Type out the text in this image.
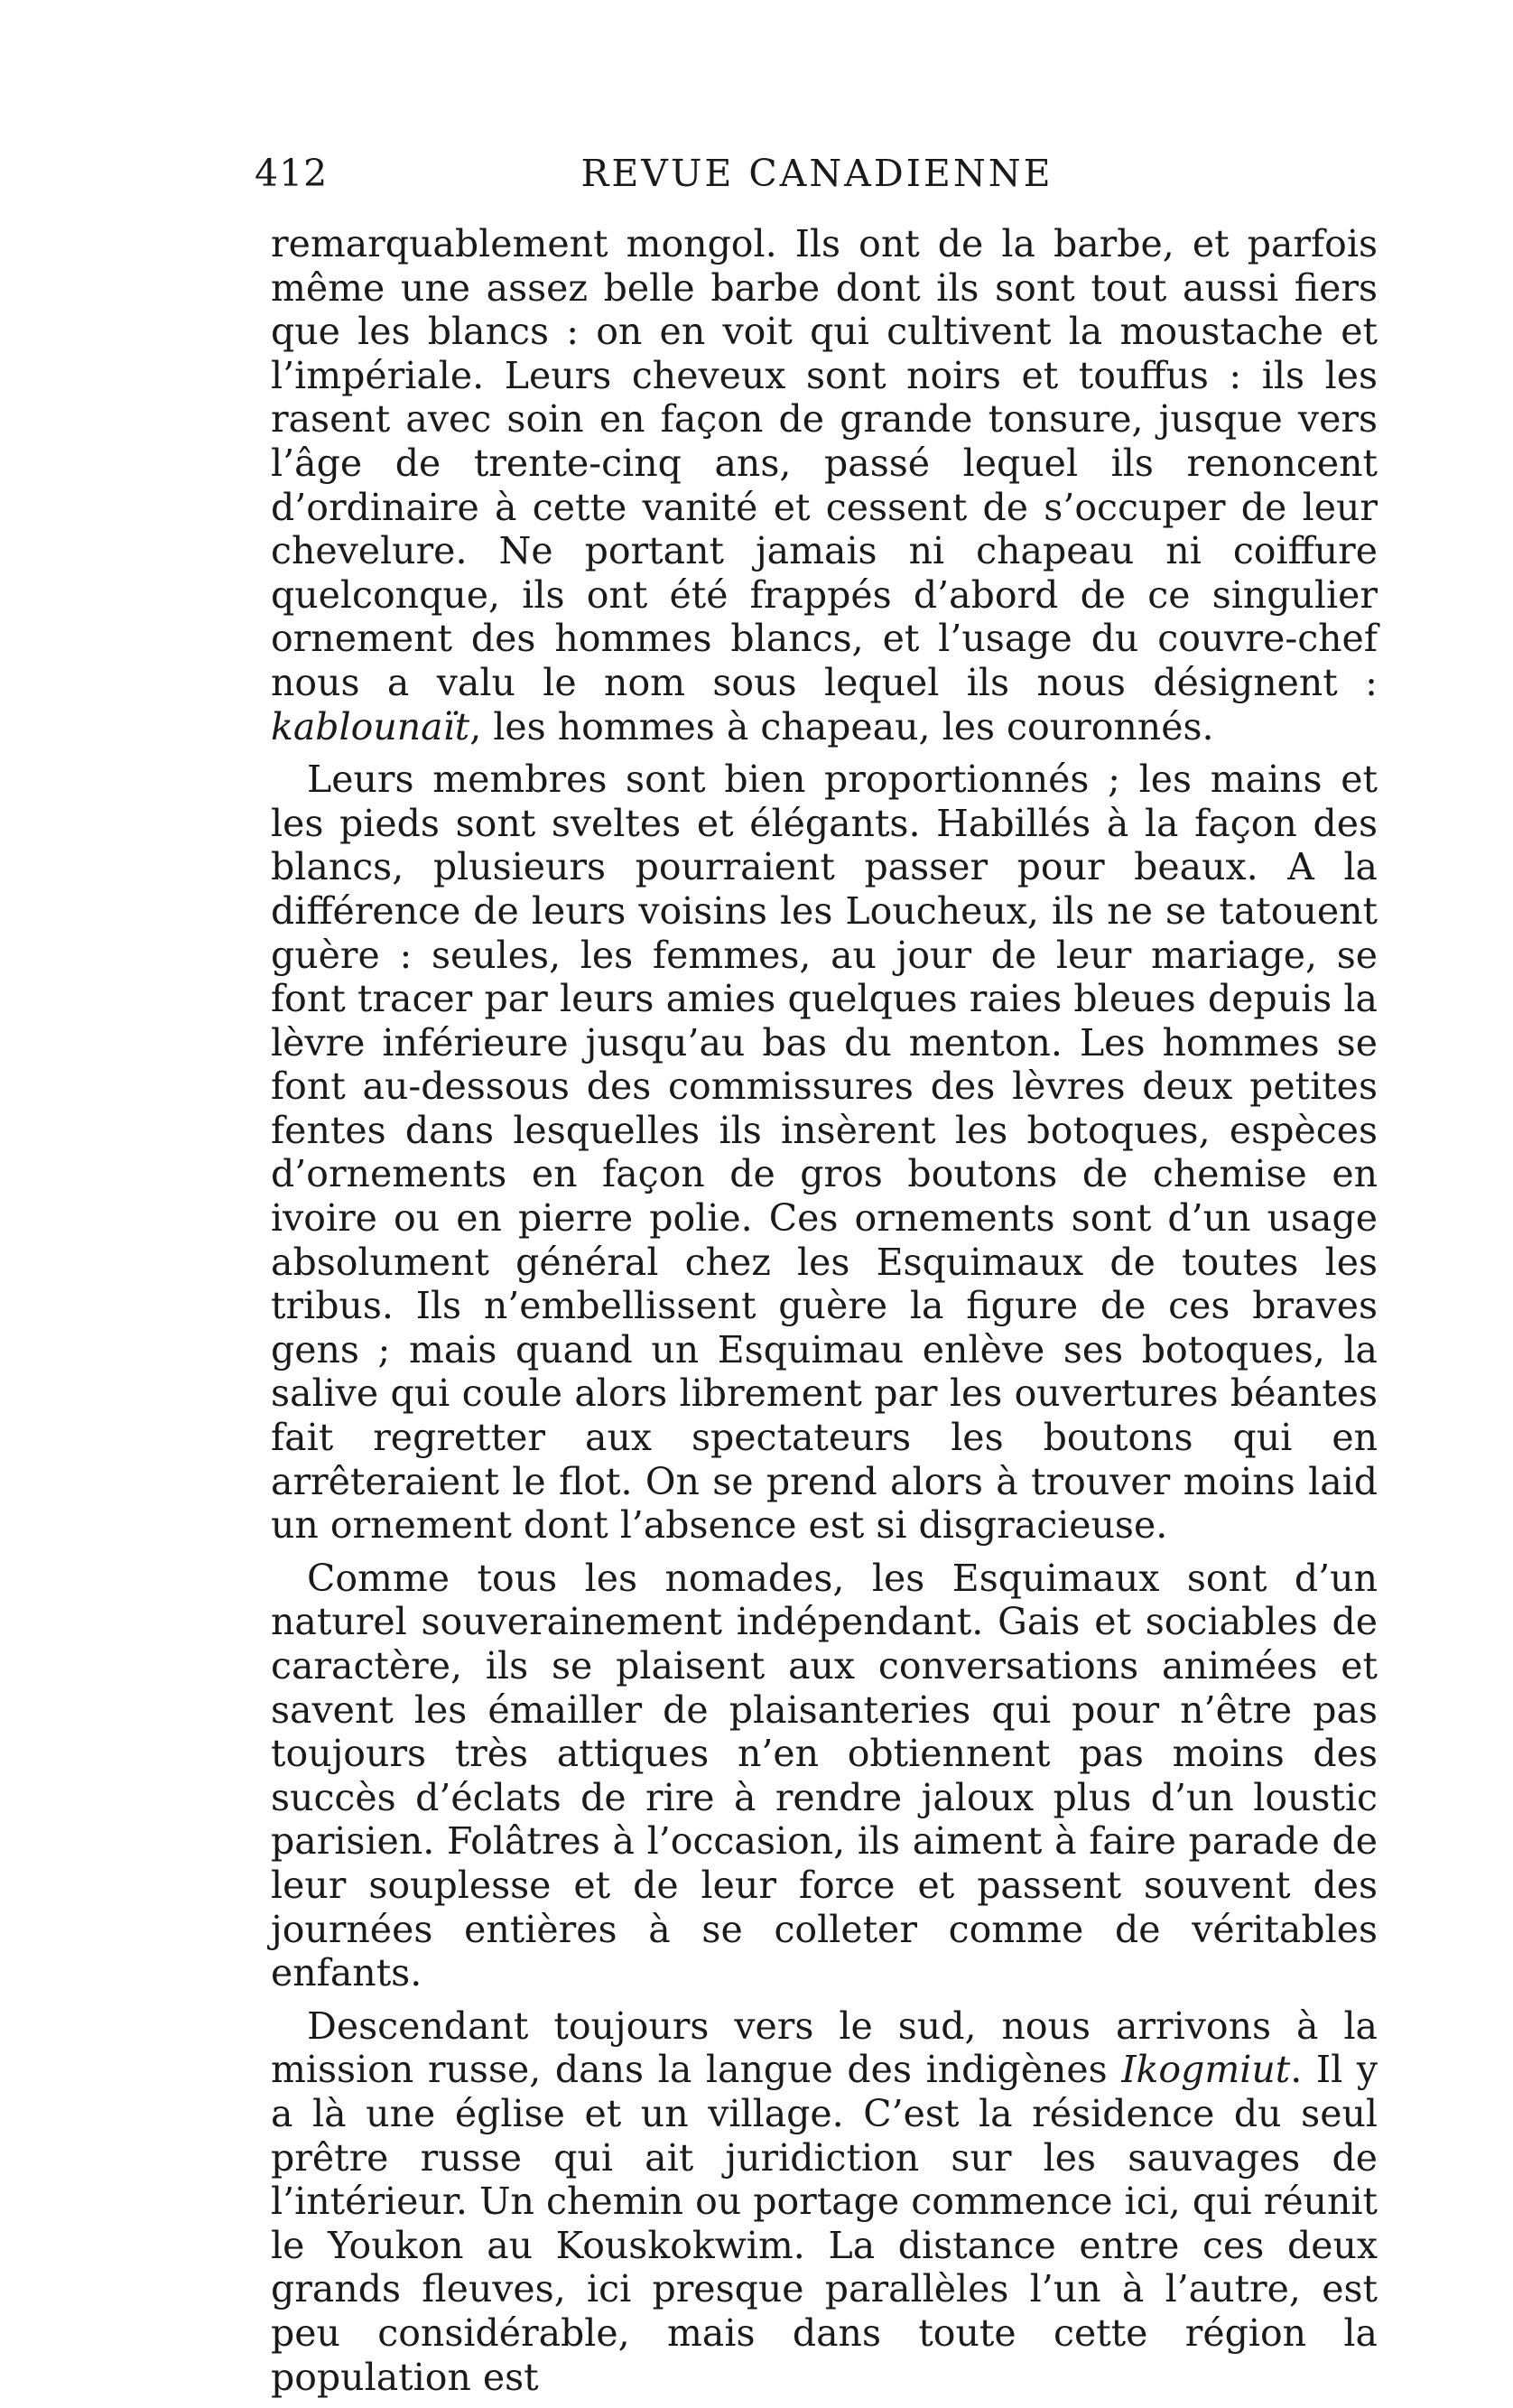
412	REVUE CANADIENNE

remarquablement mongol. Ils ont de la barbe, et parfois même une assez belle barbe dont ils sont tout aussi fiers que les blancs : on en voit qui cultivent la moustache et l’impériale. Leurs cheveux sont noirs et touffus : ils les rasent avec soin en façon de grande tonsure, jusque vers l’âge de trente-cinq ans, passé lequel ils renoncent d’ordinaire à cette vanité et cessent de s’occuper de leur chevelure. Ne portant jamais ni chapeau ni coiffure quelconque, ils ont été frappés d’abord de ce singulier ornement des hommes blancs, et l’usage du couvre-chef nous a valu le nom sous lequel ils nous désignent : kablounaït, les hommes à chapeau, les couronnés.

Leurs membres sont bien proportionnés ; les mains et les pieds sont sveltes et élégants. Habillés à la façon des blancs, plusieurs pourraient passer pour beaux. A la différence de leurs voisins les Loucheux, ils ne se tatouent guère : seules, les femmes, au jour de leur mariage, se font tracer par leurs amies quelques raies bleues depuis la lèvre inférieure jusqu’au bas du menton. Les hommes se font au-dessous des commissures des lèvres deux petites fentes dans lesquelles ils insèrent les botoques, espèces d’ornements en façon de gros boutons de chemise en ivoire ou en pierre polie. Ces ornements sont d’un usage absolument général chez les Esquimaux de toutes les tribus. Ils n’embellissent guère la figure de ces braves gens ; mais quand un Esquimau enlève ses botoques, la salive qui coule alors librement par les ouvertures béantes fait regretter aux spectateurs les boutons qui en arrêteraient le flot. On se prend alors à trouver moins laid un ornement dont l’absence est si disgracieuse.

Comme tous les nomades, les Esquimaux sont d’un naturel souverainement indépendant. Gais et sociables de caractère, ils se plaisent aux conversations animées et savent les émailler de plaisanteries qui pour n’être pas toujours très attiques n’en obtiennent pas moins des succès d’éclats de rire à rendre jaloux plus d’un loustic parisien. Folâtres à l’occasion, ils aiment à faire parade de leur souplesse et de leur force et passent souvent des journées entières à se colleter comme de véritables enfants.

Descendant toujours vers le sud, nous arrivons à la mission russe, dans la langue des indigènes Ikogmiut. Il y a là une église et un village. C’est la résidence du seul prêtre russe qui ait juridiction sur les sauvages de l’intérieur. Un chemin ou portage commence ici, qui réunit le Youkon au Kouskokwim. La distance entre ces deux grands fleuves, ici presque parallèles l’un à l’autre, est peu considérable, mais dans toute cette région la population est
